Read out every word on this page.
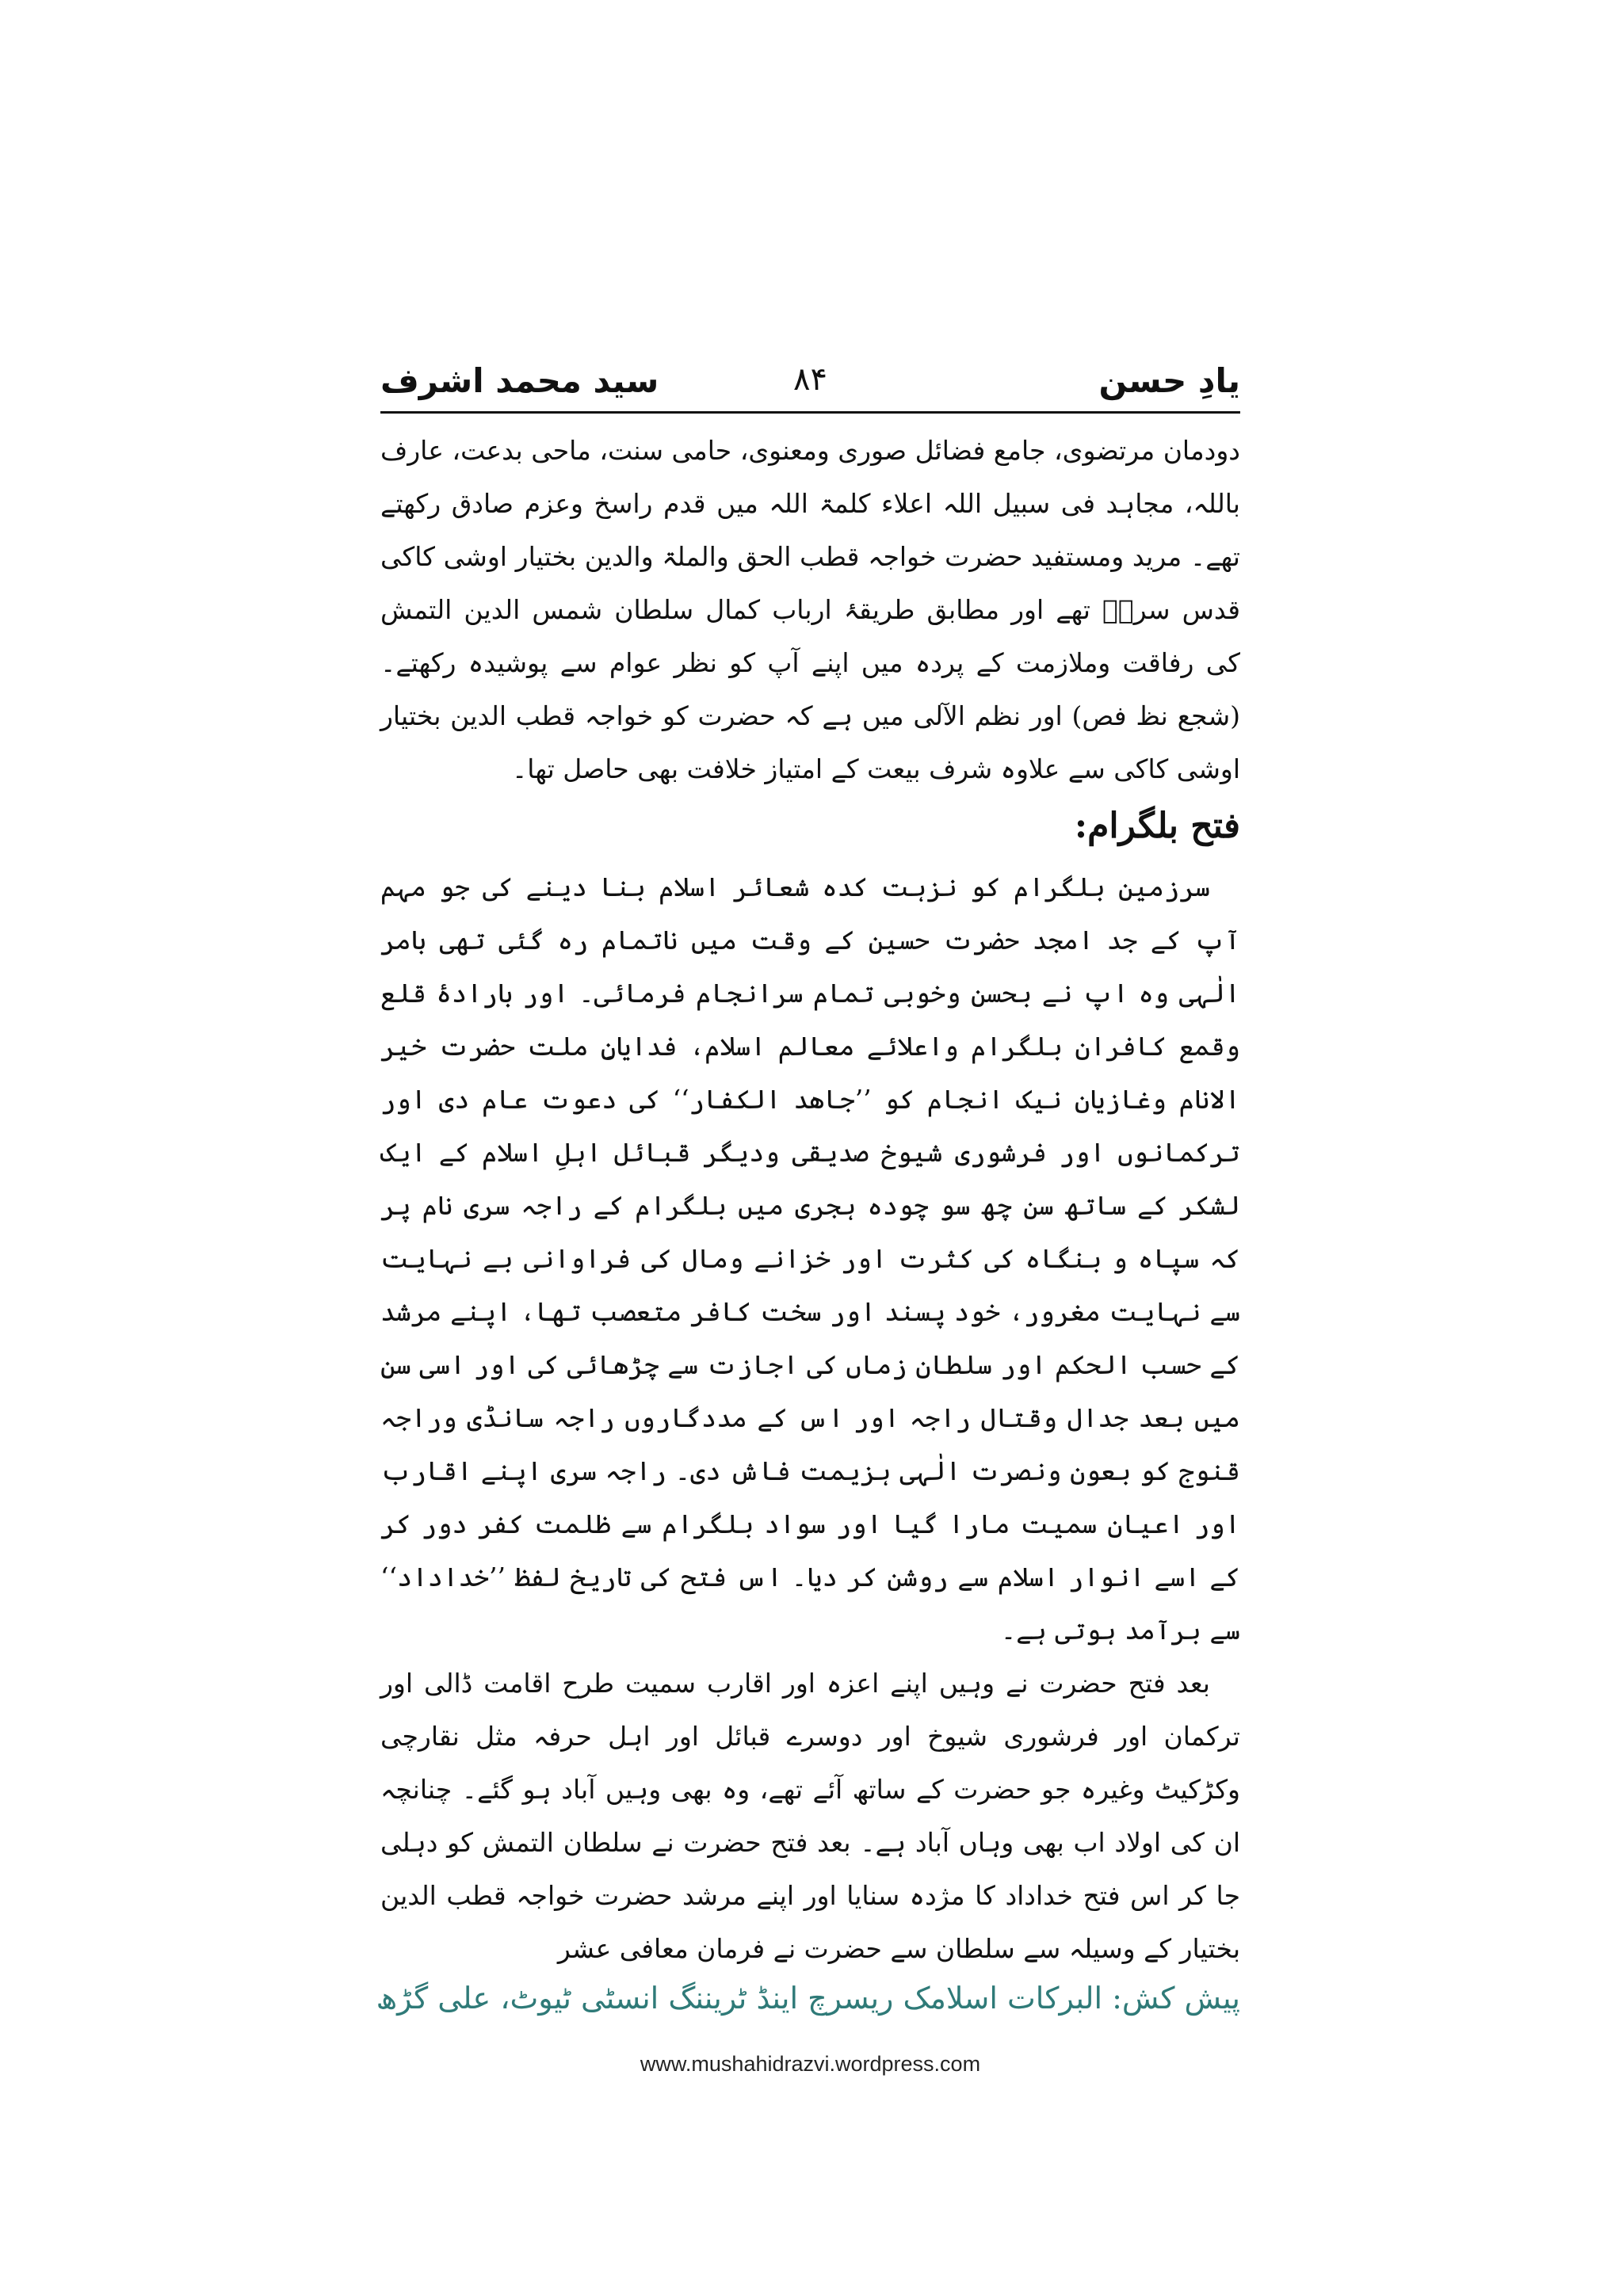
یادِ حسن
۸۴
سید محمد اشرف

دودمان مرتضوی، جامع فضائل صوری ومعنوی، حامی سنت، ماحی بدعت، عارف باللہ، مجاہد فی سبیل اللہ اعلاء کلمۃ اللہ میں قدم راسخ وعزم صادق رکھتے تھے۔ مرید ومستفید حضرت خواجہ قطب الحق والملۃ والدین بختیار اوشی کاکی قدس سرہٗ تھے اور مطابق طریقۂ ارباب کمال سلطان شمس الدین التمش کی رفاقت وملازمت کے پردہ میں اپنے آپ کو نظر عوام سے پوشیدہ رکھتے۔ (شجع نظ فص) اور نظم الآلی میں ہے کہ حضرت کو خواجہ قطب الدین بختیار اوشی کاکی سے علاوہ شرف بیعت کے امتیاز خلافت بھی حاصل تھا۔

فتح بلگرام:

سرزمین بلگرام کو نزہت کدہ شعائر اسلام بنا دینے کی جو مہم آپ کے جد امجد حضرت حسین کے وقت میں ناتمام رہ گئی تھی بامر الٰہی وہ اپ نے بحسن وخوبی تمام سرانجام فرمائی۔ اور بارادۂ قلع وقمع کافران بلگرام واعلائے معالم اسلام، فدایانِ ملت حضرت خیر الانام وغازیان نیک انجام کو ’’جاھد الکفار‘‘ کی دعوت عام دی اور ترکمانوں اور فرشوری شیوخ صدیقی ودیگر قبائل اہلِ اسلام کے ایک لشکر کے ساتھ سن چھ سو چودہ ہجری میں بلگرام کے راجہ سری نام پر کہ سپاہ و بنگاہ کی کثرت اور خزانے ومال کی فراوانی بے نہایت سے نہایت مغرور، خود پسند اور سخت کافر متعصب تھا، اپنے مرشد کے حسب الحکم اور سلطان زماں کی اجازت سے چڑھائی کی اور اسی سن میں بعد جدال وقتال راجہ اور اس کے مددگاروں راجہ سانڈی وراجہ قنوج کو بعون ونصرت الٰہی ہزیمت فاش دی۔ راجہ سری اپنے اقارب اور اعیان سمیت مارا گیا اور سواد بلگرام سے ظلمت کفر دور کر کے اسے انوار اسلام سے روشن کر دیا۔ اس فتح کی تاریخ لفظ ’’خداداد‘‘ سے برآمد ہوتی ہے۔

بعد فتح حضرت نے وہیں اپنے اعزہ اور اقارب سمیت طرح اقامت ڈالی اور ترکمان اور فرشوری شیوخ اور دوسرے قبائل اور اہل حرفہ مثل نقارچی وکڑکیٹ وغیرہ جو حضرت کے ساتھ آئے تھے، وہ بھی وہیں آباد ہو گئے۔ چنانچہ ان کی اولاد اب بھی وہاں آباد ہے۔ بعد فتح حضرت نے سلطان التمش کو دہلی جا کر اس فتح خداداد کا مژدہ سنایا اور اپنے مرشد حضرت خواجہ قطب الدین بختیار کے وسیلہ سے سلطان سے حضرت نے فرمان معافی عشر

پیش کش: البرکات اسلامک ریسرچ اینڈ ٹریننگ انسٹی ٹیوٹ، علی گڑھ
www.mushahidrazvi.wordpress.com
